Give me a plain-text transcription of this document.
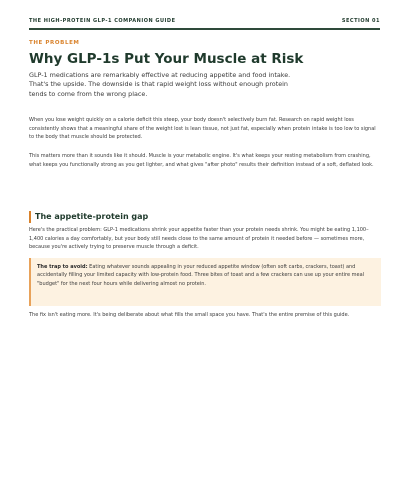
THE HIGH-PROTEIN GLP-1 COMPANION GUIDE	SECTION 01
THE PROBLEM
Why GLP-1s Put Your Muscle at Risk
GLP-1 medications are remarkably effective at reducing appetite and food intake. That's the upside. The downside is that rapid weight loss without enough protein tends to come from the wrong place.
When you lose weight quickly on a calorie deficit this steep, your body doesn't selectively burn fat. Research on rapid weight loss consistently shows that a meaningful share of the weight lost is lean tissue, not just fat, especially when protein intake is too low to signal to the body that muscle should be protected.
This matters more than it sounds like it should. Muscle is your metabolic engine. It's what keeps your resting metabolism from crashing, what keeps you functionally strong as you get lighter, and what gives "after photo" results their definition instead of a soft, deflated look.
The appetite-protein gap
Here's the practical problem: GLP-1 medications shrink your appetite faster than your protein needs shrink. You might be eating 1,100–1,400 calories a day comfortably, but your body still needs close to the same amount of protein it needed before — sometimes more, because you're actively trying to preserve muscle through a deficit.
The trap to avoid: Eating whatever sounds appealing in your reduced appetite window (often soft carbs, crackers, toast) and accidentally filling your limited capacity with low-protein food. Three bites of toast and a few crackers can use up your entire meal "budget" for the next four hours while delivering almost no protein.
The fix isn't eating more. It's being deliberate about what fills the small space you have. That's the entire premise of this guide.
